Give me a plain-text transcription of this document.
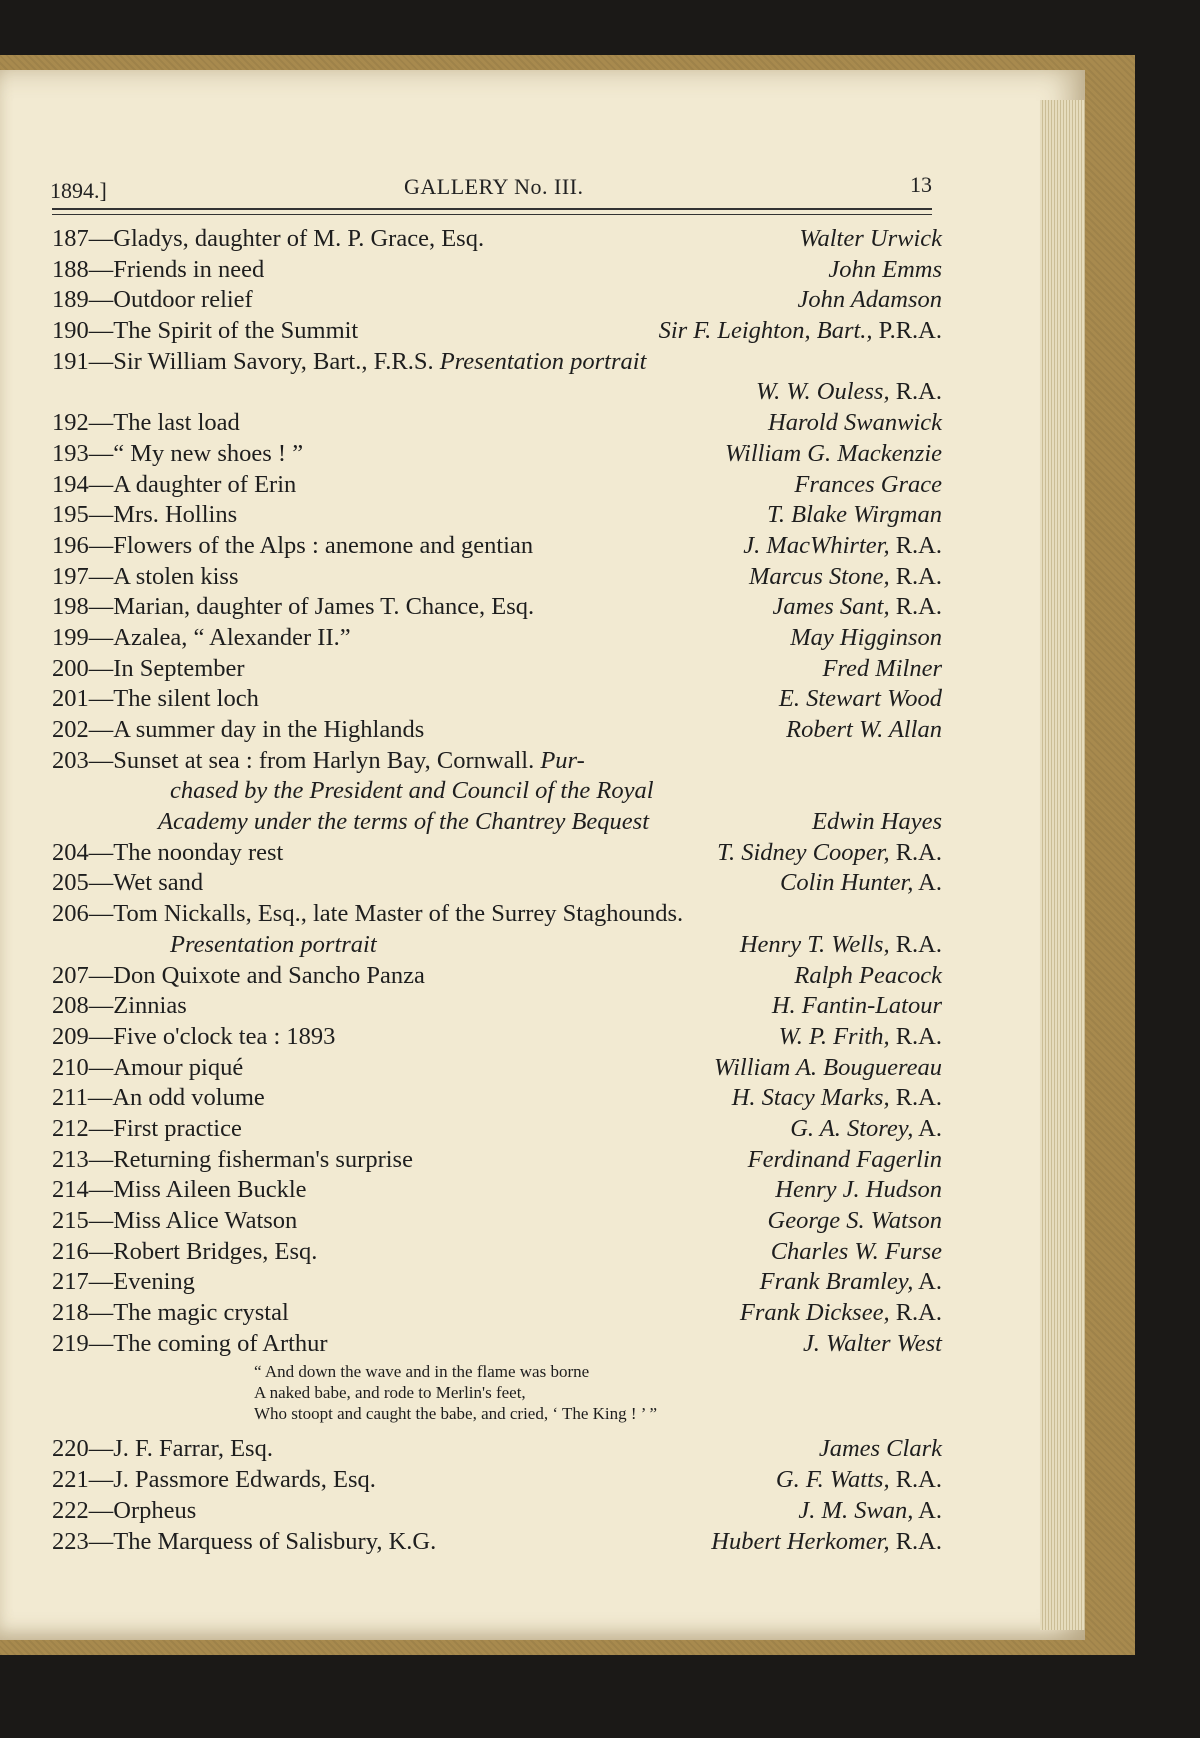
1894.]	GALLERY No. III.	13
187—Gladys, daughter of M. P. Grace, Esq.	Walter Urwick
188—Friends in need	John Emms
189—Outdoor relief	John Adamson
190—The Spirit of the Summit	Sir F. Leighton, Bart., P.R.A.
191—Sir William Savory, Bart., F.R.S. Presentation portrait
W. W. Ouless, R.A.
192—The last load	Harold Swanwick
193—“ My new shoes ! ”	William G. Mackenzie
194—A daughter of Erin	Frances Grace
195—Mrs. Hollins	T. Blake Wirgman
196—Flowers of the Alps : anemone and gentian	J. MacWhirter, R.A.
197—A stolen kiss	Marcus Stone, R.A.
198—Marian, daughter of James T. Chance, Esq.	James Sant, R.A.
199—Azalea, “ Alexander II.”	May Higginson
200—In September	Fred Milner
201—The silent loch	E. Stewart Wood
202—A summer day in the Highlands	Robert W. Allan
203—Sunset at sea : from Harlyn Bay, Cornwall. Pur-
chased by the President and Council of the Royal
Academy under the terms of the Chantrey Bequest	Edwin Hayes
204—The noonday rest	T. Sidney Cooper, R.A.
205—Wet sand	Colin Hunter, A.
206—Tom Nickalls, Esq., late Master of the Surrey Staghounds.
Presentation portrait	Henry T. Wells, R.A.
207—Don Quixote and Sancho Panza	Ralph Peacock
208—Zinnias	H. Fantin-Latour
209—Five o'clock tea : 1893	W. P. Frith, R.A.
210—Amour piqué	William A. Bouguereau
211—An odd volume	H. Stacy Marks, R.A.
212—First practice	G. A. Storey, A.
213—Returning fisherman's surprise	Ferdinand Fagerlin
214—Miss Aileen Buckle	Henry J. Hudson
215—Miss Alice Watson	George S. Watson
216—Robert Bridges, Esq.	Charles W. Furse
217—Evening	Frank Bramley, A.
218—The magic crystal	Frank Dicksee, R.A.
219—The coming of Arthur	J. Walter West
“ And down the wave and in the flame was borne
A naked babe, and rode to Merlin's feet,
Who stoopt and caught the babe, and cried, ‘ The King ! ’ ”
220—J. F. Farrar, Esq.	James Clark
221—J. Passmore Edwards, Esq.	G. F. Watts, R.A.
222—Orpheus	J. M. Swan, A.
223—The Marquess of Salisbury, K.G.	Hubert Herkomer, R.A.
